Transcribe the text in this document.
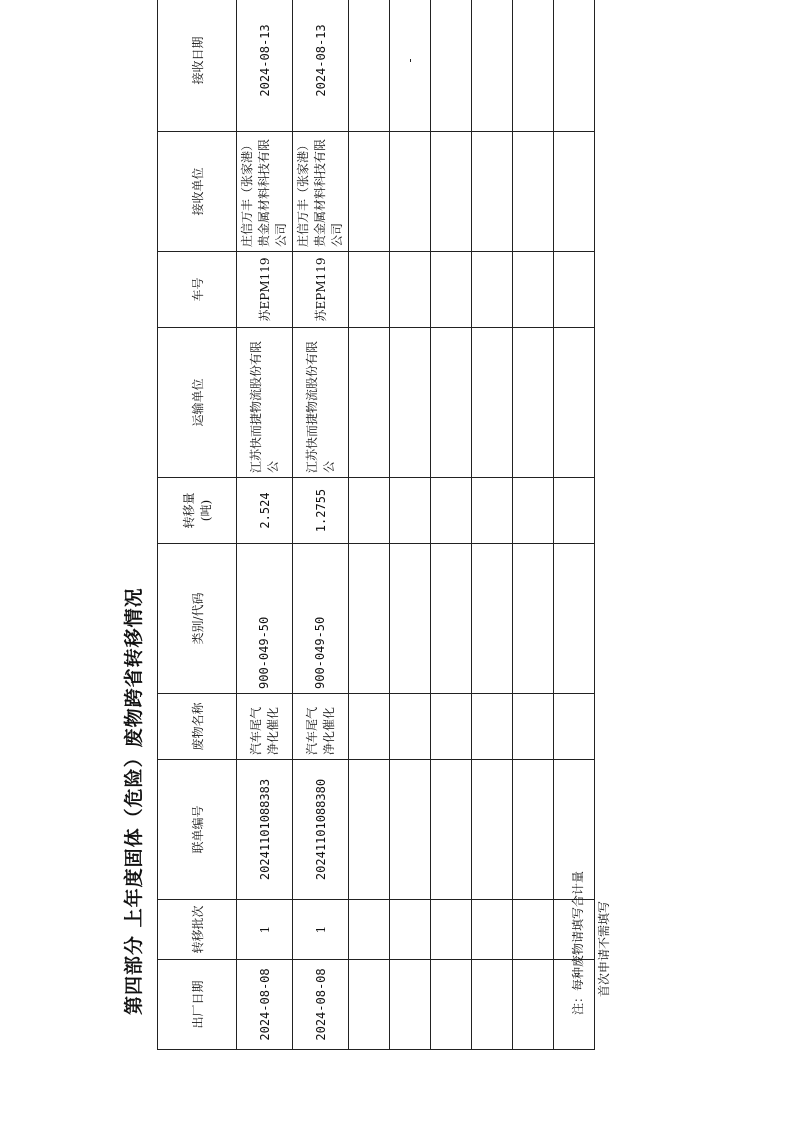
第四部分 上年度固体（危险）废物跨省转移情况	出厂日期	转移批次	联单编号	废物名称	类别/代码	转移量(吨)	运输单位	车号	接收单位	接收日期
2024-08-08	1	20241101088383	汽车尾气净化催化	900-049-50	2.524	江苏快而捷物流股份有限公	苏EPM119	庄信万丰（张家港）贵金属材料科技有限公司	2024-08-13
2024-08-08	1	20241101088380	汽车尾气净化催化	900-049-50	1.2755	江苏快而捷物流股份有限公	苏EPM119	庄信万丰（张家港）贵金属材料科技有限公司	2024-08-13

									-

注：每种废物请填写合计量	首次申请不需填写
